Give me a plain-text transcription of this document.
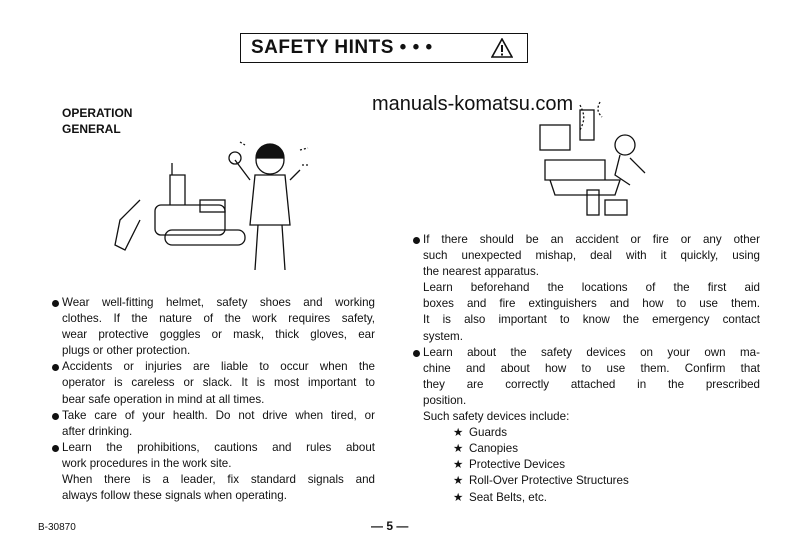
SAFETY HINTS • • •
OPERATION
GENERAL
manuals-komatsu.com
Wear well-fitting helmet, safety shoes and working
clothes. If the nature of the work requires safety,
wear protective goggles or mask, thick gloves, ear
plugs or other protection.
Accidents or injuries are liable to occur when the
operator is careless or slack. It is most important to
bear safe operation in mind at all times.
Take care of your health. Do not drive when tired, or
after drinking.
Learn the prohibitions, cautions and rules about
work procedures in the work site.
When there is a leader, fix standard signals and
always follow these signals when operating.
If there should be an accident or fire or any other
such unexpected mishap, deal with it quickly, using
the nearest apparatus.
Learn beforehand the locations of the first aid
boxes and fire extinguishers and how to use them.
It is also important to know the emergency contact
system.
Learn about the safety devices on your own ma-
chine and about how to use them. Confirm that
they are correctly attached in the prescribed
position.
Such safety devices include:
★ Guards
★ Canopies
★ Protective Devices
★ Roll-Over Protective Structures
★ Seat Belts, etc.
B-30870	— 5 —
